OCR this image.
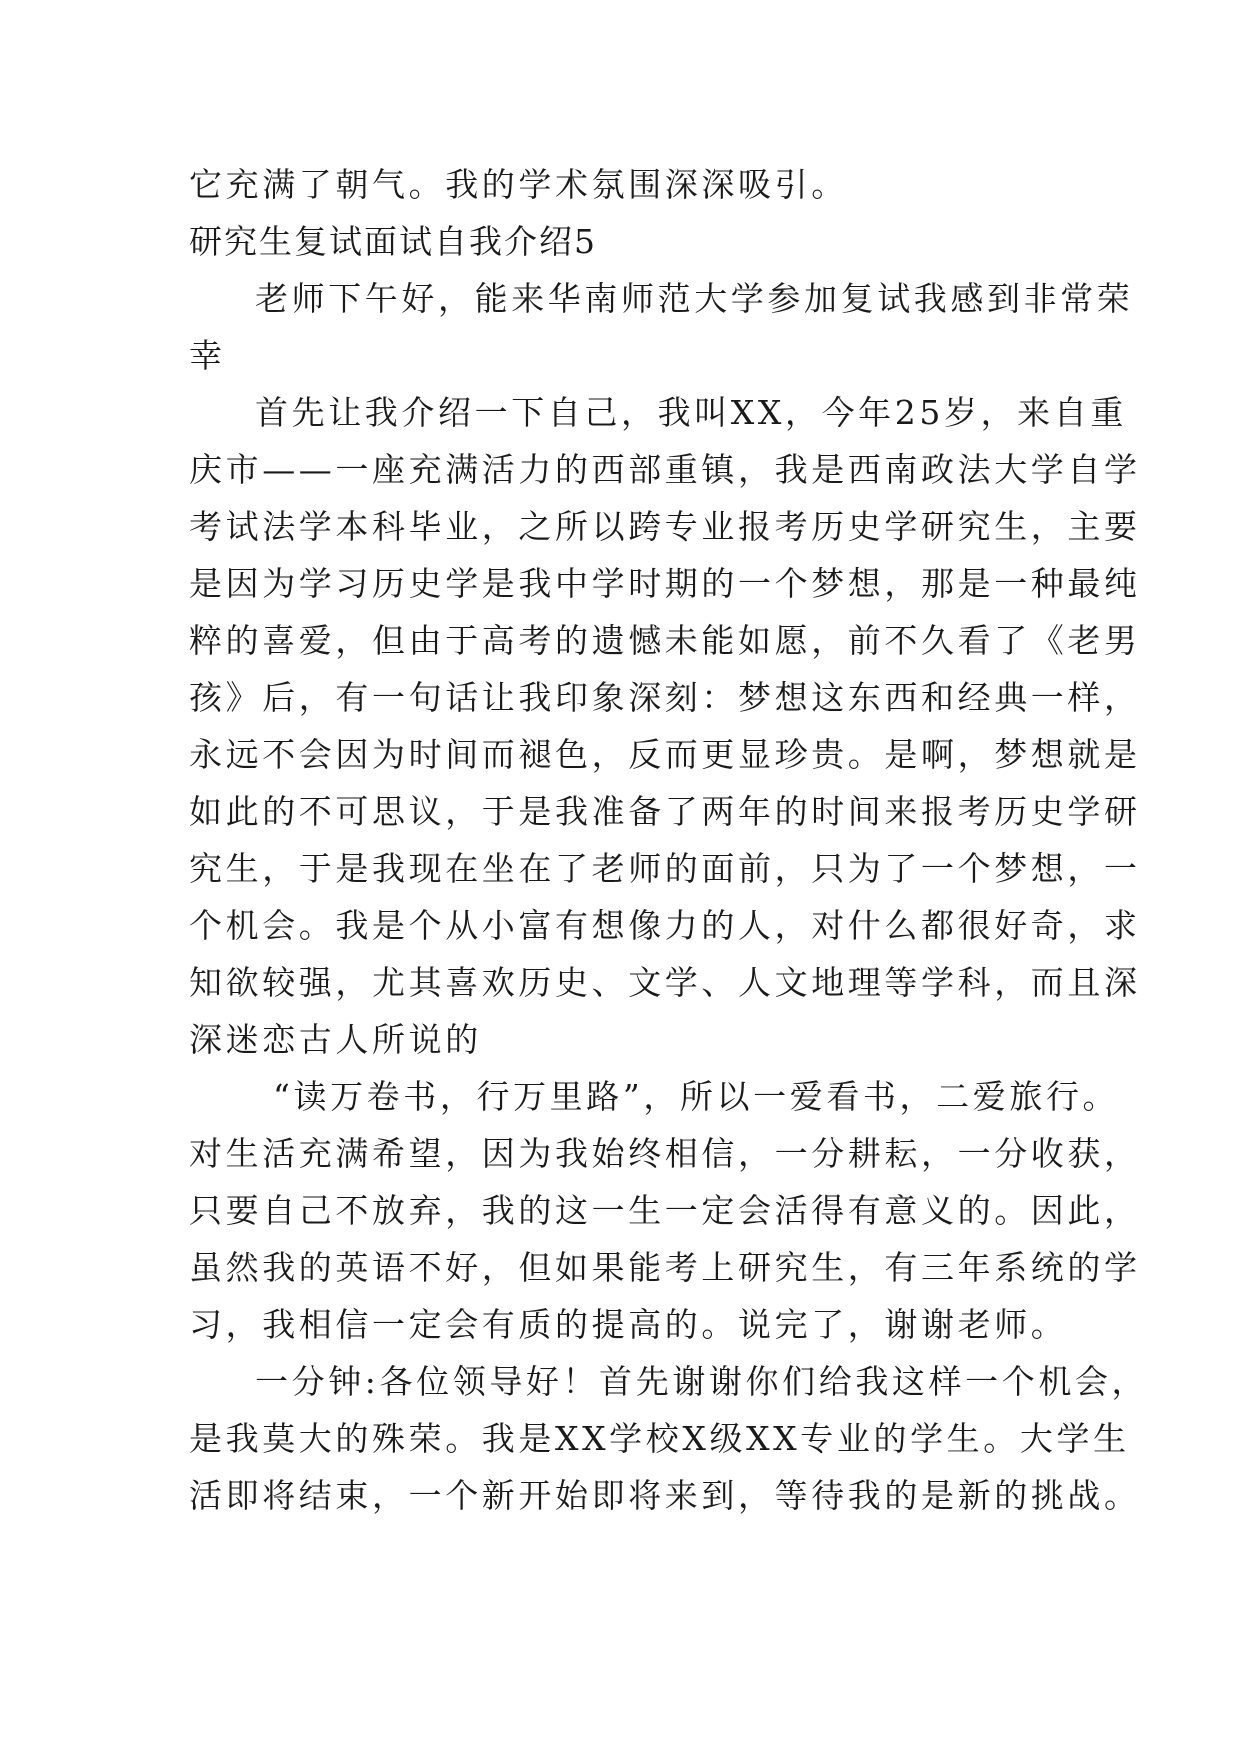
它充满了朝气。我的学术氛围深深吸引。
研究生复试面试自我介绍5
老师下午好，能来华南师范大学参加复试我感到非常荣
幸
首先让我介绍一下自己，我叫XX，今年25岁，来自重
庆市——一座充满活力的西部重镇，我是西南政法大学自学
考试法学本科毕业，之所以跨专业报考历史学研究生，主要
是因为学习历史学是我中学时期的一个梦想，那是一种最纯
粹的喜爱，但由于高考的遗憾未能如愿，前不久看了《老男
孩》后，有一句话让我印象深刻：梦想这东西和经典一样，
永远不会因为时间而褪色，反而更显珍贵。是啊，梦想就是
如此的不可思议，于是我准备了两年的时间来报考历史学研
究生，于是我现在坐在了老师的面前，只为了一个梦想，一
个机会。我是个从小富有想像力的人，对什么都很好奇，求
知欲较强，尤其喜欢历史、文学、人文地理等学科，而且深
深迷恋古人所说的
“读万卷书，行万里路”，所以一爱看书，二爱旅行。
对生活充满希望，因为我始终相信，一分耕耘，一分收获，
只要自己不放弃，我的这一生一定会活得有意义的。因此，
虽然我的英语不好，但如果能考上研究生，有三年系统的学
习，我相信一定会有质的提高的。说完了，谢谢老师。
一分钟:各位领导好！首先谢谢你们给我这样一个机会，
是我莫大的殊荣。我是XX学校X级XX专业的学生。大学生
活即将结束，一个新开始即将来到，等待我的是新的挑战。
